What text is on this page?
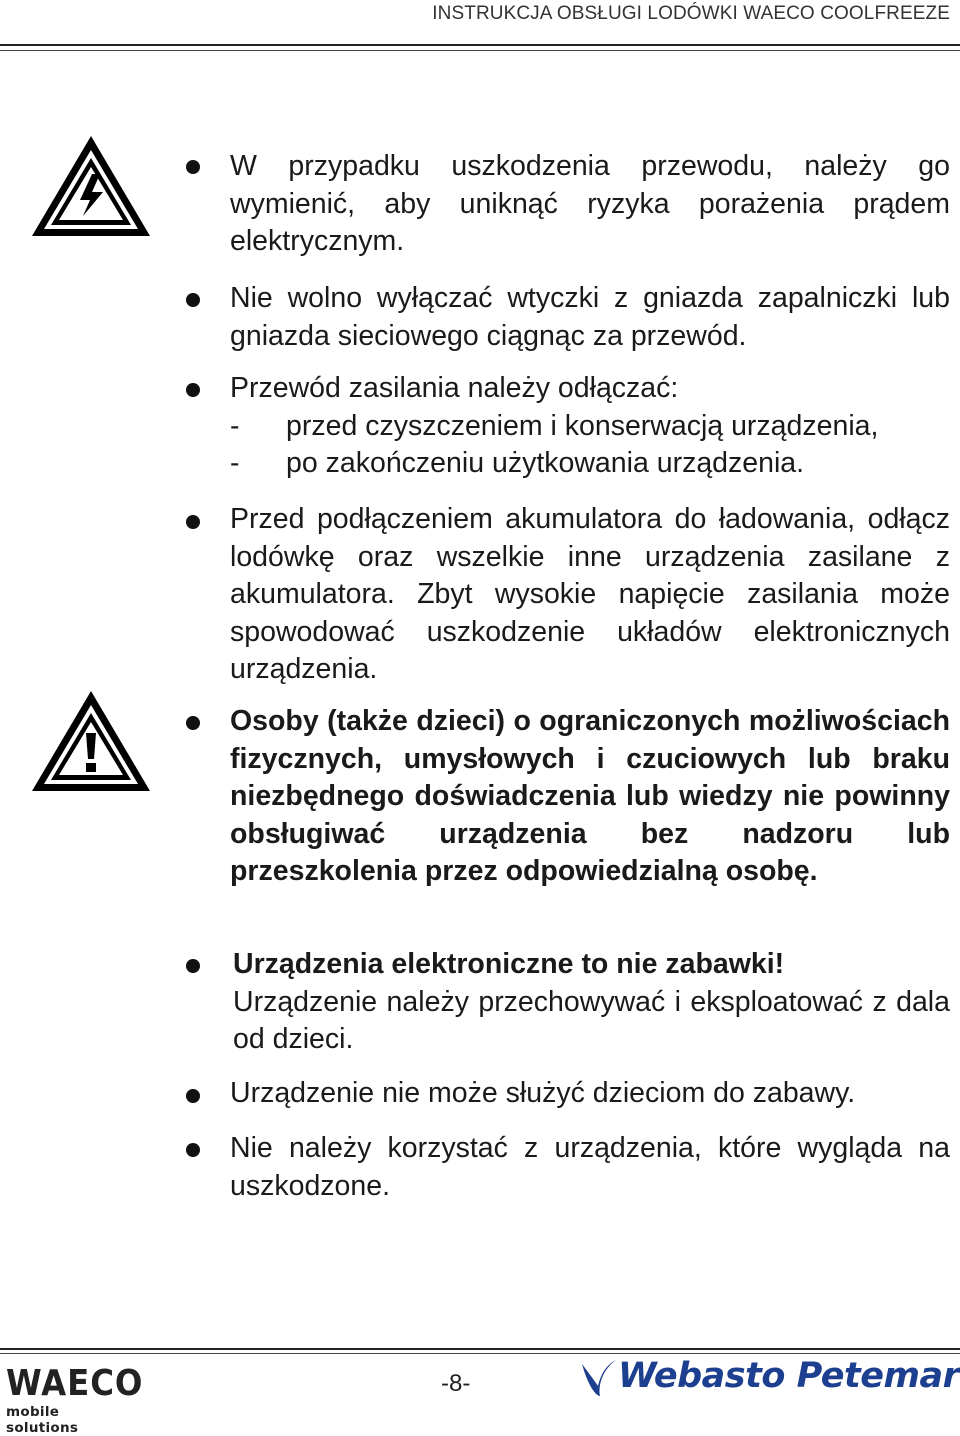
INSTRUKCJA OBSŁUGI LODÓWKI WAECO COOLFREEZE

W przypadku uszkodzenia przewodu, należy go wymienić, aby uniknąć ryzyka porażenia prądem elektrycznym.

Nie wolno wyłączać wtyczki z gniazda zapalniczki lub gniazda sieciowego ciągnąc za przewód.

Przewód zasilania należy odłączać:
- przed czyszczeniem i konserwacją urządzenia,
- po zakończeniu użytkowania urządzenia.

Przed podłączeniem akumulatora do ładowania, odłącz lodówkę oraz wszelkie inne urządzenia zasilane z akumulatora. Zbyt wysokie napięcie zasilania może spowodować uszkodzenie układów elektronicznych urządzenia.

Osoby (także dzieci) o ograniczonych możliwościach fizycznych, umysłowych i czuciowych lub braku niezbędnego doświadczenia lub wiedzy nie powinny obsługiwać urządzenia bez nadzoru lub przeszkolenia przez odpowiedzialną osobę.

Urządzenia elektroniczne to nie zabawki!
Urządzenie należy przechowywać i eksploatować z dala od dzieci.

Urządzenie nie może służyć dzieciom do zabawy.

Nie należy korzystać z urządzenia, które wygląda na uszkodzone.

WAECO
mobile solutions
-8-	Webasto Petemar
